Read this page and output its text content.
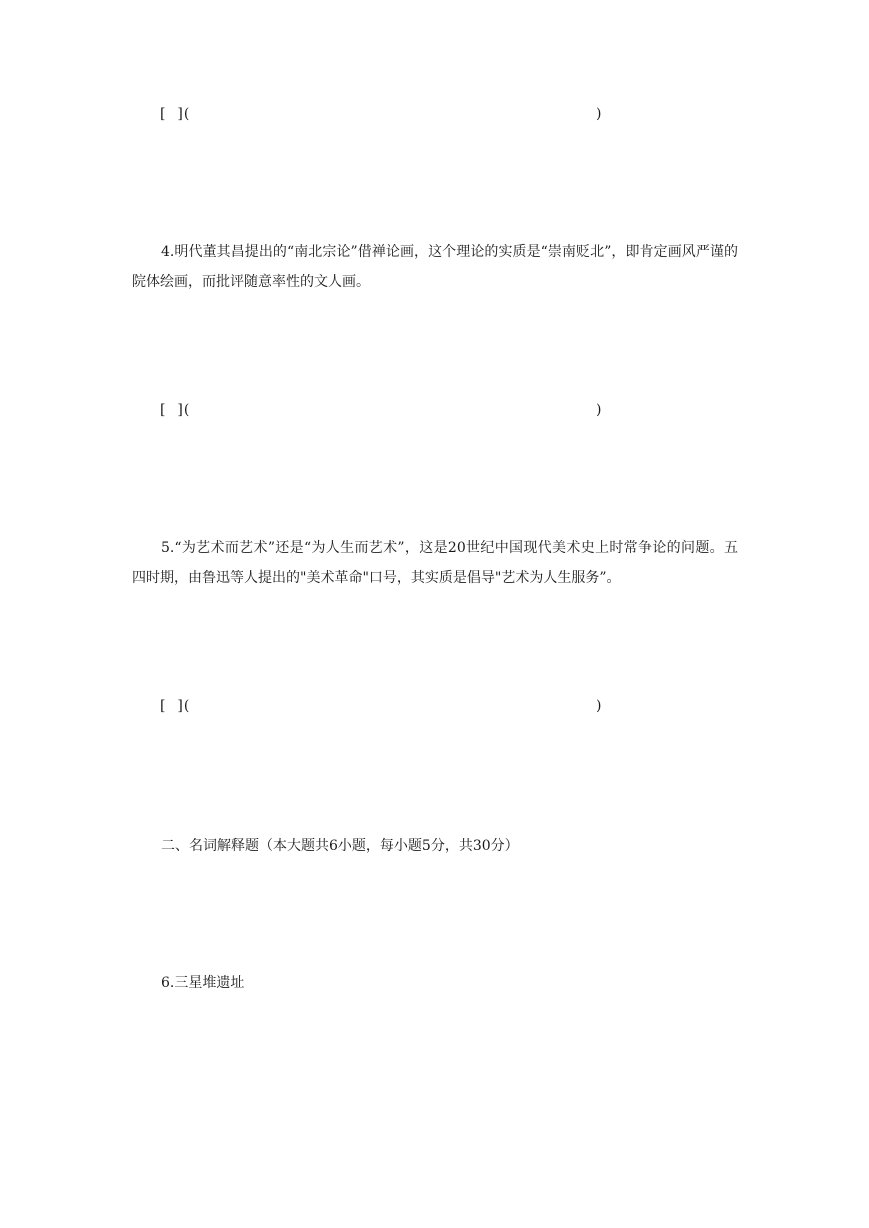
[  ](	)

4.明代董其昌提出的“南北宗论”借禅论画，这个理论的实质是“崇南贬北”，即肯定画风严谨的院体绘画，而批评随意率性的文人画。

[  ](	)

5.“为艺术而艺术”还是“为人生而艺术”，这是20世纪中国现代美术史上时常争论的问题。五四时期，由鲁迅等人提出的"美术革命"口号，其实质是倡导"艺术为人生服务”。

[  ](	)
二、名词解释题（本大题共6小题，每小题5分，共30分）
6.三星堆遗址
